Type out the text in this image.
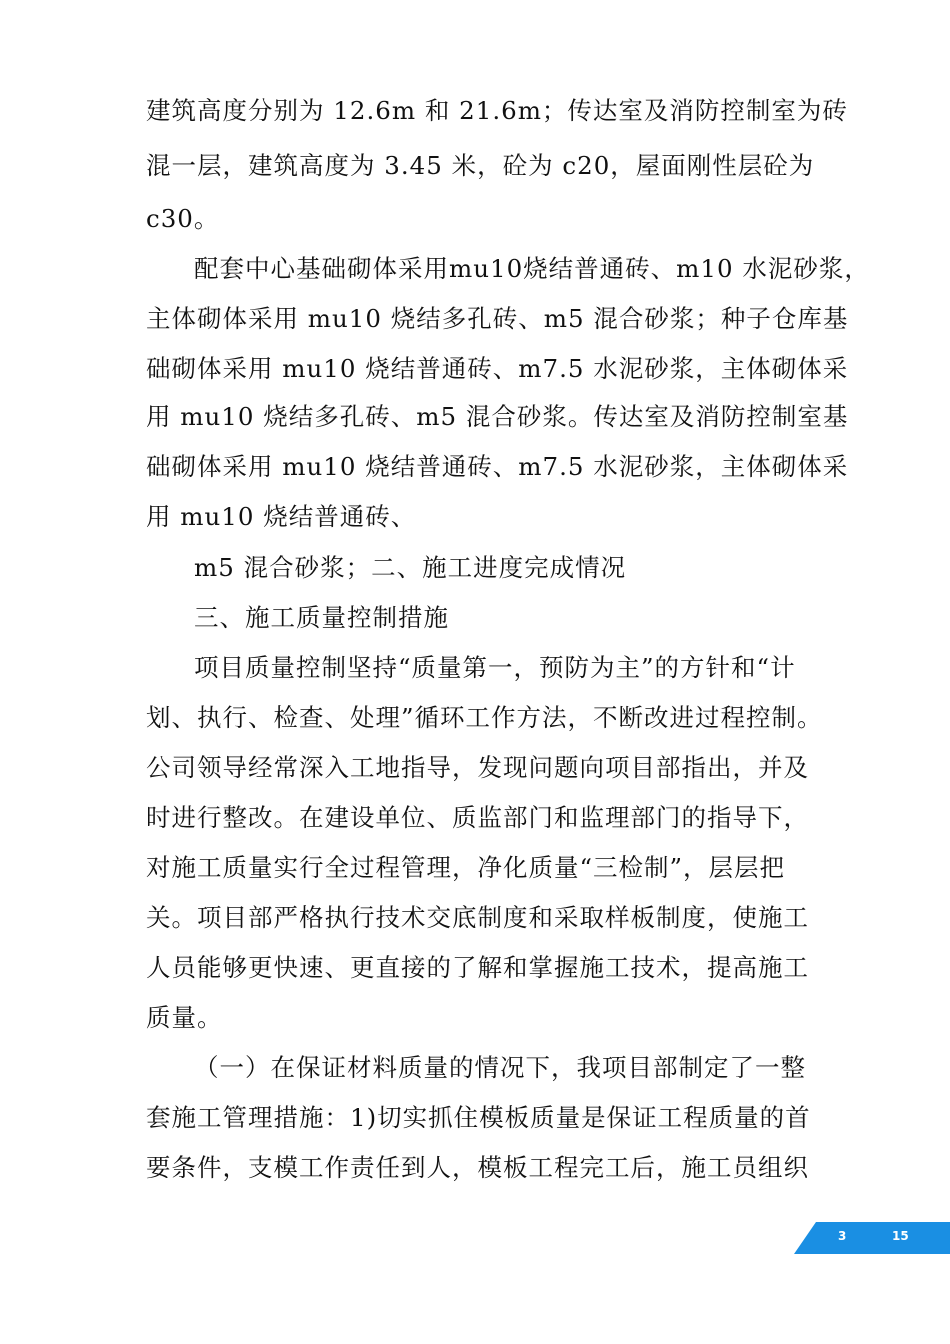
建筑高度分别为 12.6m 和 21.6m；传达室及消防控制室为砖
混一层，建筑高度为 3.45 米，砼为 c20，屋面刚性层砼为
c30。
配套中心基础砌体采用mu10烧结普通砖、m10 水泥砂浆，
主体砌体采用 mu10 烧结多孔砖、m5 混合砂浆；种子仓库基
础砌体采用 mu10 烧结普通砖、m7.5 水泥砂浆，主体砌体采
用 mu10 烧结多孔砖、m5 混合砂浆。传达室及消防控制室基
础砌体采用 mu10 烧结普通砖、m7.5 水泥砂浆，主体砌体采
用 mu10 烧结普通砖、
m5 混合砂浆；二、施工进度完成情况
三、施工质量控制措施
项目质量控制坚持“质量第一，预防为主”的方针和“计
划、执行、检查、处理”循环工作方法，不断改进过程控制。
公司领导经常深入工地指导，发现问题向项目部指出，并及
时进行整改。在建设单位、质监部门和监理部门的指导下，
对施工质量实行全过程管理，净化质量“三检制”，层层把
关。项目部严格执行技术交底制度和采取样板制度，使施工
人员能够更快速、更直接的了解和掌握施工技术，提高施工
质量。
（一）在保证材料质量的情况下，我项目部制定了一整
套施工管理措施：1)切实抓住模板质量是保证工程质量的首
要条件，支模工作责任到人，模板工程完工后，施工员组织
3	15
